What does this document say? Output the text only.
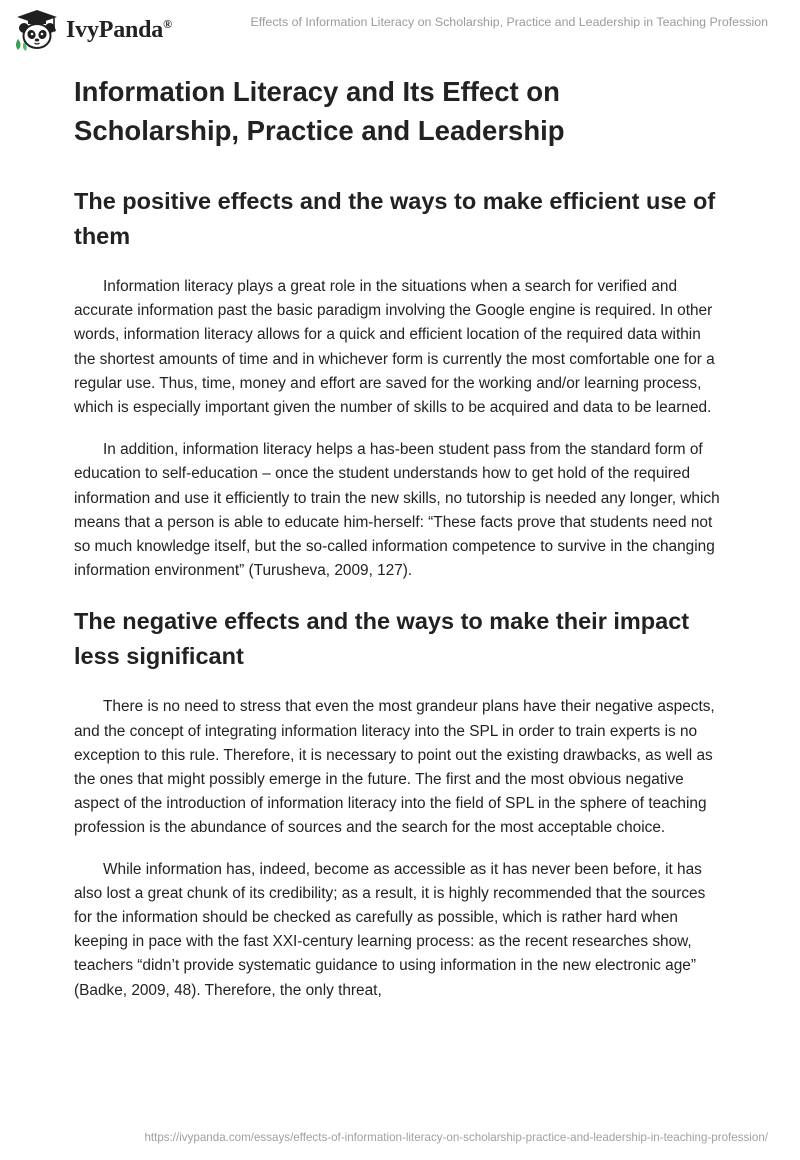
IvyPanda®	Effects of Information Literacy on Scholarship, Practice and Leadership in Teaching Profession
Information Literacy and Its Effect on Scholarship, Practice and Leadership
The positive effects and the ways to make efficient use of them

Information literacy plays a great role in the situations when a search for verified and accurate information past the basic paradigm involving the Google engine is required. In other words, information literacy allows for a quick and efficient location of the required data within the shortest amounts of time and in whichever form is currently the most comfortable one for a regular use. Thus, time, money and effort are saved for the working and/or learning process, which is especially important given the number of skills to be acquired and data to be learned.

In addition, information literacy helps a has-been student pass from the standard form of education to self-education – once the student understands how to get hold of the required information and use it efficiently to train the new skills, no tutorship is needed any longer, which means that a person is able to educate him-herself: “These facts prove that students need not so much knowledge itself, but the so-called information competence to survive in the changing information environment” (Turusheva, 2009, 127).

The negative effects and the ways to make their impact less significant

There is no need to stress that even the most grandeur plans have their negative aspects, and the concept of integrating information literacy into the SPL in order to train experts is no exception to this rule. Therefore, it is necessary to point out the existing drawbacks, as well as the ones that might possibly emerge in the future. The first and the most obvious negative aspect of the introduction of information literacy into the field of SPL in the sphere of teaching profession is the abundance of sources and the search for the most acceptable choice.

While information has, indeed, become as accessible as it has never been before, it has also lost a great chunk of its credibility; as a result, it is highly recommended that the sources for the information should be checked as carefully as possible, which is rather hard when keeping in pace with the fast XXI-century learning process: as the recent researches show, teachers “didn’t provide systematic guidance to using information in the new electronic age” (Badke, 2009, 48). Therefore, the only threat,

https://ivypanda.com/essays/effects-of-information-literacy-on-scholarship-practice-and-leadership-in-teaching-profession/
